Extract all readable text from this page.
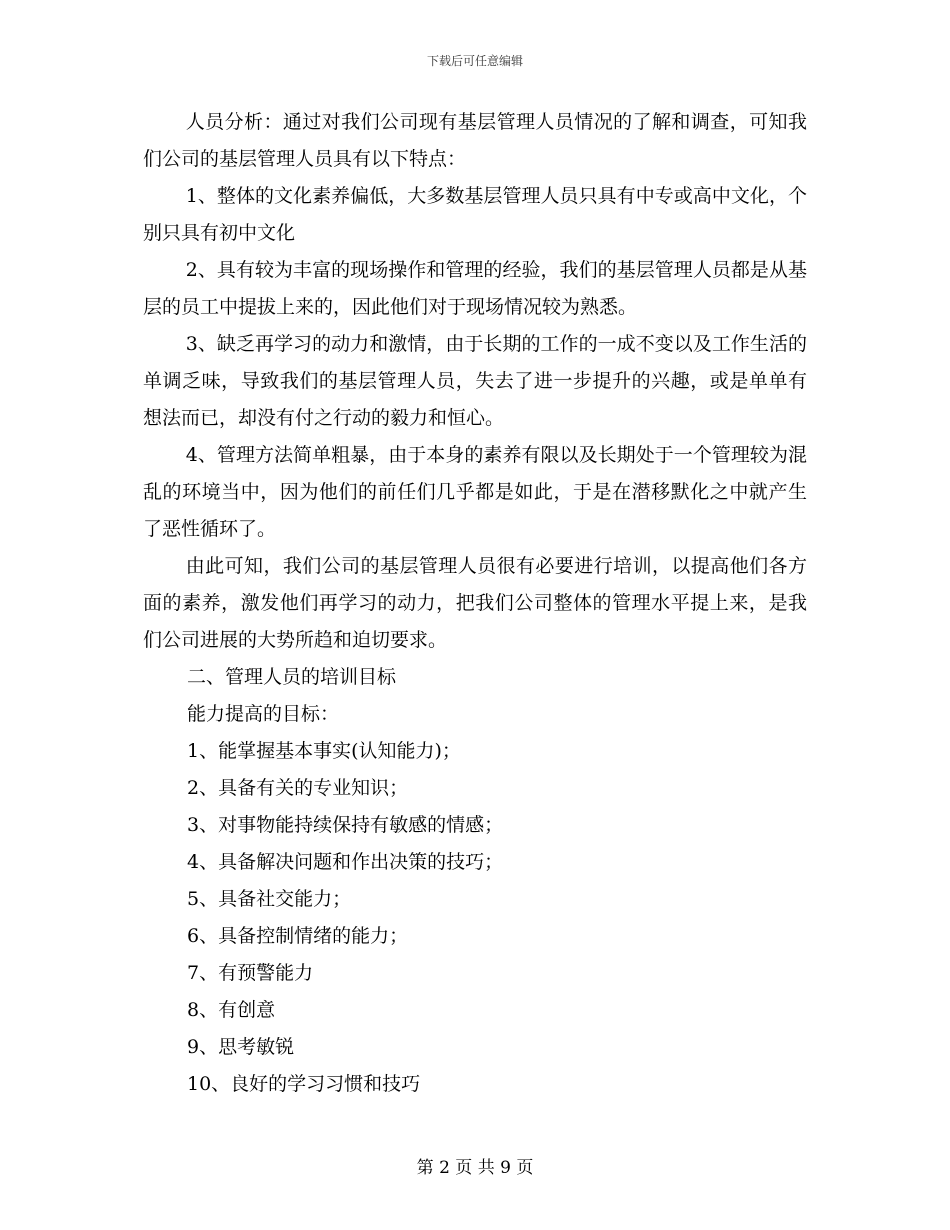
下载后可任意编辑

人员分析：通过对我们公司现有基层管理人员情况的了解和调查，可知我们公司的基层管理人员具有以下特点：

1、整体的文化素养偏低，大多数基层管理人员只具有中专或高中文化，个别只具有初中文化

2、具有较为丰富的现场操作和管理的经验，我们的基层管理人员都是从基层的员工中提拔上来的，因此他们对于现场情况较为熟悉。

3、缺乏再学习的动力和激情，由于长期的工作的一成不变以及工作生活的单调乏味，导致我们的基层管理人员，失去了进一步提升的兴趣，或是单单有想法而已，却没有付之行动的毅力和恒心。

4、管理方法简单粗暴，由于本身的素养有限以及长期处于一个管理较为混乱的环境当中，因为他们的前任们几乎都是如此，于是在潜移默化之中就产生了恶性循环了。

由此可知，我们公司的基层管理人员很有必要进行培训，以提高他们各方面的素养，激发他们再学习的动力，把我们公司整体的管理水平提上来，是我们公司进展的大势所趋和迫切要求。

二、管理人员的培训目标

能力提高的目标：

1、能掌握基本事实(认知能力)；

2、具备有关的专业知识；

3、对事物能持续保持有敏感的情感；

4、具备解决问题和作出决策的技巧；

5、具备社交能力；

6、具备控制情绪的能力；

7、有预警能力

8、有创意

9、思考敏锐

10、良好的学习习惯和技巧

第 2 页 共 9 页
